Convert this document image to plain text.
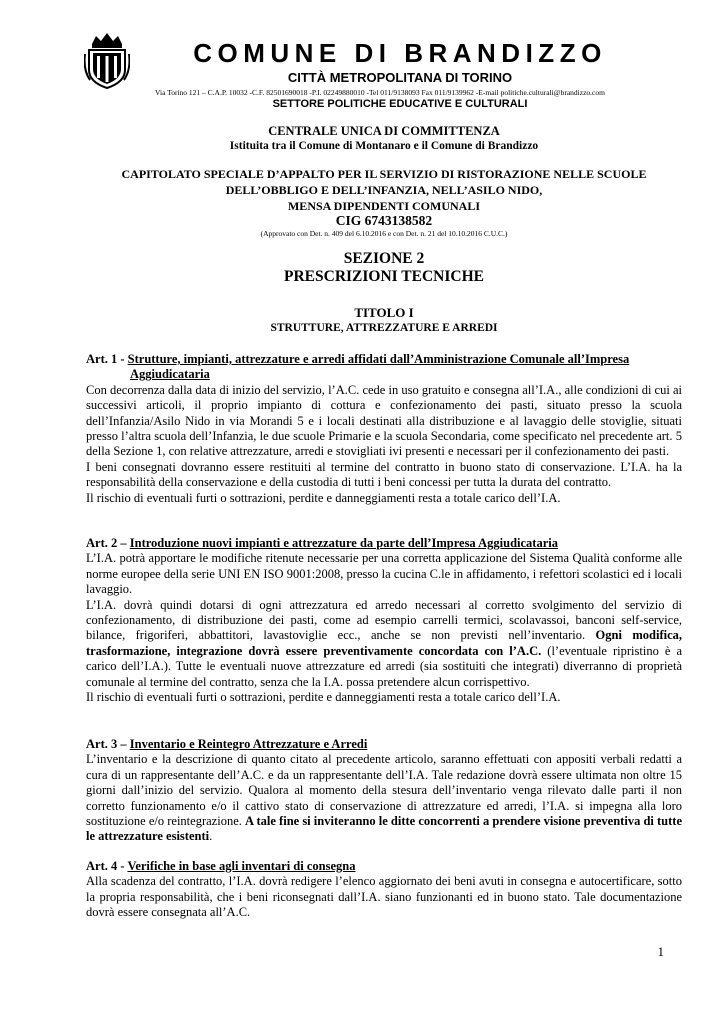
COMUNE DI BRANDIZZO
CITTÀ METROPOLITANA DI TORINO
Via Torino 121 – C.A.P. 10032 -C.F. 82501690018 -P.I. 02249880010 -Tel 011/9138093 Fax 011/9139962 -E-mail politiche.culturali@brandizzo.com
SETTORE POLITICHE EDUCATIVE E CULTURALI
CENTRALE UNICA DI COMMITTENZA
Istituita tra il Comune di Montanaro e il Comune di Brandizzo
CAPITOLATO SPECIALE D’APPALTO PER IL SERVIZIO DI RISTORAZIONE NELLE SCUOLE
DELL’OBBLIGO E DELL’INFANZIA, NELL’ASILO NIDO,
MENSA DIPENDENTI COMUNALI
CIG 6743138582
(Approvato con Det. n. 409 del 6.10.2016 e con Det. n. 21 del 10.10.2016 C.U.C.)
SEZIONE 2
PRESCRIZIONI TECNICHE
TITOLO I
STRUTTURE, ATTREZZATURE E ARREDI
Art. 1 - Strutture, impianti, attrezzature e arredi affidati dall’Amministrazione Comunale all’Impresa
Aggiudicataria

Con decorrenza dalla data di inizio del servizio, l’A.C. cede in uso gratuito e consegna all’I.A., alle condizioni di cui ai successivi articoli, il proprio impianto di cottura e confezionamento dei pasti, situato presso la scuola dell’Infanzia/Asilo Nido in via Morandi 5 e i locali destinati alla distribuzione e al lavaggio delle stoviglie, situati presso l’altra scuola dell’Infanzia, le due scuole Primarie e la scuola Secondaria, come specificato nel precedente art. 5 della Sezione 1, con relative attrezzature, arredi e stovigliati ivi presenti e necessari per il confezionamento dei pasti.

I beni consegnati dovranno essere restituiti al termine del contratto in buono stato di conservazione. L’I.A. ha la responsabilità della conservazione e della custodia di tutti i beni concessi per tutta la durata del contratto.

Il rischio di eventuali furti o sottrazioni, perdite e danneggiamenti resta a totale carico dell’I.A.

Art. 2 – Introduzione nuovi impianti e attrezzature da parte dell’Impresa Aggiudicataria

L’I.A. potrà apportare le modifiche ritenute necessarie per una corretta applicazione del Sistema Qualità conforme alle norme europee della serie UNI EN ISO 9001:2008, presso la cucina C.le in affidamento, i refettori scolastici ed i locali lavaggio.

L’I.A. dovrà quindi dotarsi di ogni attrezzatura ed arredo necessari al corretto svolgimento del servizio di confezionamento, di distribuzione dei pasti, come ad esempio carrelli termici, scolavassoi, banconi self-service, bilance, frigoriferi, abbattitori, lavastoviglie ecc., anche se non previsti nell’inventario. Ogni modifica, trasformazione, integrazione dovrà essere preventivamente concordata con l’A.C. (l’eventuale ripristino è a carico dell’I.A.). Tutte le eventuali nuove attrezzature ed arredi (sia sostituiti che integrati) diverranno di proprietà comunale al termine del contratto, senza che la I.A. possa pretendere alcun corrispettivo.

Il rischio di eventuali furti o sottrazioni, perdite e danneggiamenti resta a totale carico dell’I.A.

Art. 3 – Inventario e Reintegro Attrezzature e Arredi

L’inventario e la descrizione di quanto citato al precedente articolo, saranno effettuati con appositi verbali redatti a cura di un rappresentante dell’A.C. e da un rappresentante dell’I.A. Tale redazione dovrà essere ultimata non oltre 15 giorni dall’inizio del servizio. Qualora al momento della stesura dell’inventario venga rilevato dalle parti il non corretto funzionamento e/o il cattivo stato di conservazione di attrezzature ed arredi, l’I.A. si impegna alla loro sostituzione e/o reintegrazione. A tale fine si inviteranno le ditte concorrenti a prendere visione preventiva di tutte le attrezzature esistenti.

Art. 4 - Verifiche in base agli inventari di consegna

Alla scadenza del contratto, l’I.A. dovrà redigere l’elenco aggiornato dei beni avuti in consegna e autocertificare, sotto la propria responsabilità, che i beni riconsegnati dall’I.A. siano funzionanti ed in buono stato. Tale documentazione dovrà essere consegnata all’A.C.

1
